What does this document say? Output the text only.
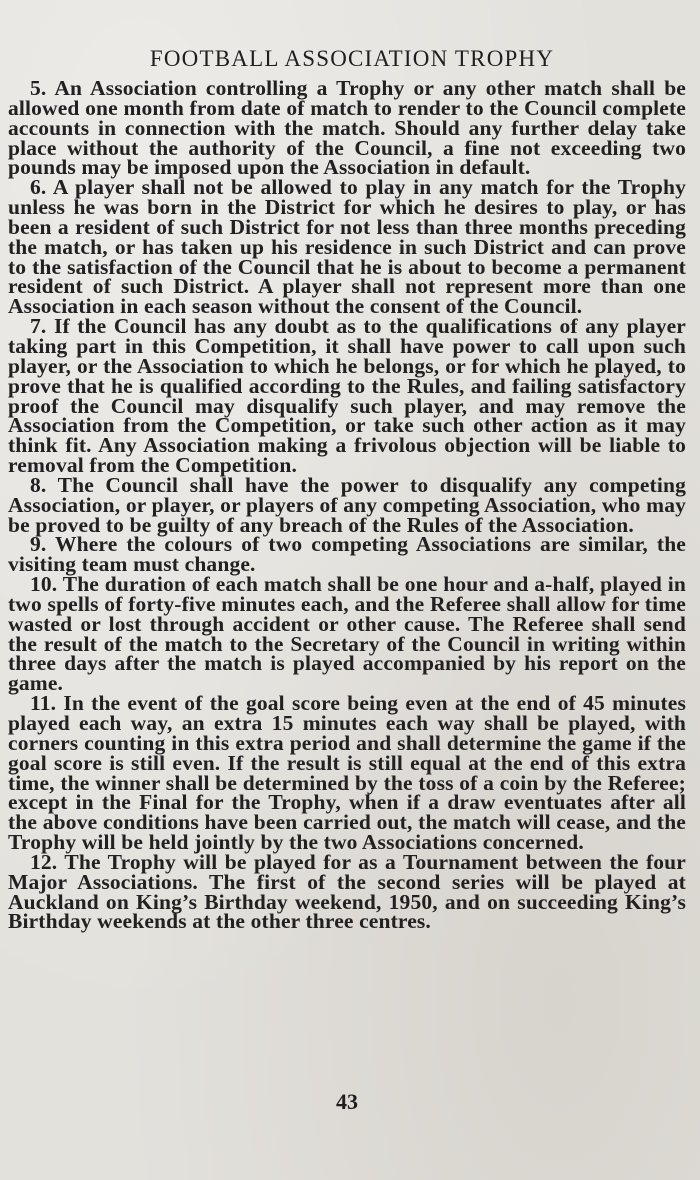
FOOTBALL ASSOCIATION TROPHY

5. An Association controlling a Trophy or any other match shall be allowed one month from date of match to render to the Council complete accounts in connection with the match. Should any further delay take place without the authority of the Council, a fine not exceeding two pounds may be imposed upon the Association in default.

6. A player shall not be allowed to play in any match for the Trophy unless he was born in the District for which he desires to play, or has been a resident of such District for not less than three months preceding the match, or has taken up his residence in such District and can prove to the satisfaction of the Council that he is about to become a permanent resident of such District. A player shall not represent more than one Association in each season without the consent of the Council.

7. If the Council has any doubt as to the qualifications of any player taking part in this Competition, it shall have power to call upon such player, or the Association to which he belongs, or for which he played, to prove that he is qualified according to the Rules, and failing satisfactory proof the Council may disqualify such player, and may remove the Association from the Competition, or take such other action as it may think fit. Any Association making a frivolous objection will be liable to removal from the Competition.

8. The Council shall have the power to disqualify any competing Association, or player, or players of any competing Association, who may be proved to be guilty of any breach of the Rules of the Association.

9. Where the colours of two competing Associations are similar, the visiting team must change.

10. The duration of each match shall be one hour and a-half, played in two spells of forty-five minutes each, and the Referee shall allow for time wasted or lost through accident or other cause. The Referee shall send the result of the match to the Secretary of the Council in writing within three days after the match is played accompanied by his report on the game.

11. In the event of the goal score being even at the end of 45 minutes played each way, an extra 15 minutes each way shall be played, with corners counting in this extra period and shall determine the game if the goal score is still even. If the result is still equal at the end of this extra time, the winner shall be determined by the toss of a coin by the Referee; except in the Final for the Trophy, when if a draw eventuates after all the above conditions have been carried out, the match will cease, and the Trophy will be held jointly by the two Associations concerned.

12. The Trophy will be played for as a Tournament between the four Major Associations. The first of the second series will be played at Auckland on King’s Birthday weekend, 1950, and on succeeding King’s Birthday weekends at the other three centres.

43
